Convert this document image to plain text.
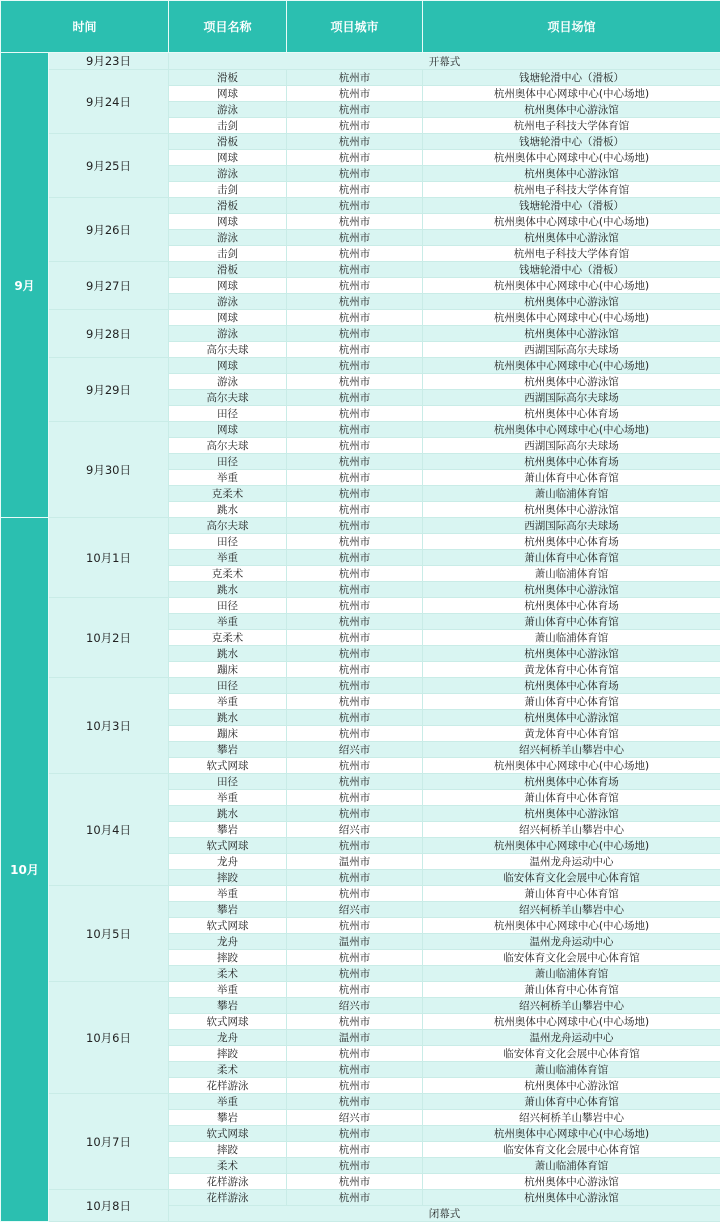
时间		项目名称	项目城市	项目场馆
9月	9月23日	开幕式		
	9月24日	滑板	杭州市	钱塘轮滑中心（滑板）
		网球	杭州市	杭州奥体中心网球中心(中心场地)
		游泳	杭州市	杭州奥体中心游泳馆
		击剑	杭州市	杭州电子科技大学体育馆
	9月25日	滑板	杭州市	钱塘轮滑中心（滑板）
		网球	杭州市	杭州奥体中心网球中心(中心场地)
		游泳	杭州市	杭州奥体中心游泳馆
		击剑	杭州市	杭州电子科技大学体育馆
	9月26日	滑板	杭州市	钱塘轮滑中心（滑板）
		网球	杭州市	杭州奥体中心网球中心(中心场地)
		游泳	杭州市	杭州奥体中心游泳馆
		击剑	杭州市	杭州电子科技大学体育馆
	9月27日	滑板	杭州市	钱塘轮滑中心（滑板）
		网球	杭州市	杭州奥体中心网球中心(中心场地)
		游泳	杭州市	杭州奥体中心游泳馆
	9月28日	网球	杭州市	杭州奥体中心网球中心(中心场地)
		游泳	杭州市	杭州奥体中心游泳馆
		高尔夫球	杭州市	西湖国际高尔夫球场
	9月29日	网球	杭州市	杭州奥体中心网球中心(中心场地)
		游泳	杭州市	杭州奥体中心游泳馆
		高尔夫球	杭州市	西湖国际高尔夫球场
		田径	杭州市	杭州奥体中心体育场
	9月30日	网球	杭州市	杭州奥体中心网球中心(中心场地)
		高尔夫球	杭州市	西湖国际高尔夫球场
		田径	杭州市	杭州奥体中心体育场
		举重	杭州市	萧山体育中心体育馆
		克柔术	杭州市	萧山临浦体育馆
		跳水	杭州市	杭州奥体中心游泳馆
10月	10月1日	高尔夫球	杭州市	西湖国际高尔夫球场
		田径	杭州市	杭州奥体中心体育场
		举重	杭州市	萧山体育中心体育馆
		克柔术	杭州市	萧山临浦体育馆
		跳水	杭州市	杭州奥体中心游泳馆
	10月2日	田径	杭州市	杭州奥体中心体育场
		举重	杭州市	萧山体育中心体育馆
		克柔术	杭州市	萧山临浦体育馆
		跳水	杭州市	杭州奥体中心游泳馆
		蹦床	杭州市	黄龙体育中心体育馆
	10月3日	田径	杭州市	杭州奥体中心体育场
		举重	杭州市	萧山体育中心体育馆
		跳水	杭州市	杭州奥体中心游泳馆
		蹦床	杭州市	黄龙体育中心体育馆
		攀岩	绍兴市	绍兴柯桥羊山攀岩中心
		软式网球	杭州市	杭州奥体中心网球中心(中心场地)
	10月4日	田径	杭州市	杭州奥体中心体育场
		举重	杭州市	萧山体育中心体育馆
		跳水	杭州市	杭州奥体中心游泳馆
		攀岩	绍兴市	绍兴柯桥羊山攀岩中心
		软式网球	杭州市	杭州奥体中心网球中心(中心场地)
		龙舟	温州市	温州龙舟运动中心
		摔跤	杭州市	临安体育文化会展中心体育馆
	10月5日	举重	杭州市	萧山体育中心体育馆
		攀岩	绍兴市	绍兴柯桥羊山攀岩中心
		软式网球	杭州市	杭州奥体中心网球中心(中心场地)
		龙舟	温州市	温州龙舟运动中心
		摔跤	杭州市	临安体育文化会展中心体育馆
		柔术	杭州市	萧山临浦体育馆
	10月6日	举重	杭州市	萧山体育中心体育馆
		攀岩	绍兴市	绍兴柯桥羊山攀岩中心
		软式网球	杭州市	杭州奥体中心网球中心(中心场地)
		龙舟	温州市	温州龙舟运动中心
		摔跤	杭州市	临安体育文化会展中心体育馆
		柔术	杭州市	萧山临浦体育馆
		花样游泳	杭州市	杭州奥体中心游泳馆
	10月7日	举重	杭州市	萧山体育中心体育馆
		攀岩	绍兴市	绍兴柯桥羊山攀岩中心
		软式网球	杭州市	杭州奥体中心网球中心(中心场地)
		摔跤	杭州市	临安体育文化会展中心体育馆
		柔术	杭州市	萧山临浦体育馆
		花样游泳	杭州市	杭州奥体中心游泳馆
	10月8日	花样游泳	杭州市	杭州奥体中心游泳馆
		闭幕式		
